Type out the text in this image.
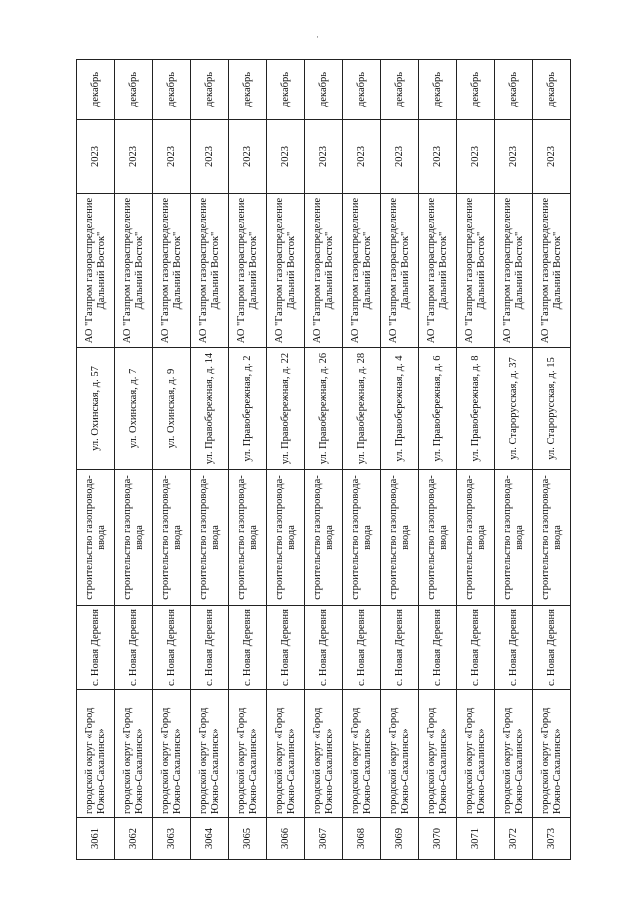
·
3061	городской округ «Город Южно-Сахалинск»	с. Новая Деревня	строительство газопровода-ввода	ул. Охинская, д. 57	АО "Газпром газораспределение Дальний Восток"	2023	декабрь
3062	городской округ «Город Южно-Сахалинск»	с. Новая Деревня	строительство газопровода-ввода	ул. Охинская, д. 7	АО "Газпром газораспределение Дальний Восток"	2023	декабрь
3063	городской округ «Город Южно-Сахалинск»	с. Новая Деревня	строительство газопровода-ввода	ул. Охинская, д. 9	АО "Газпром газораспределение Дальний Восток"	2023	декабрь
3064	городской округ «Город Южно-Сахалинск»	с. Новая Деревня	строительство газопровода-ввода	ул. Правобережная, д. 14	АО "Газпром газораспределение Дальний Восток"	2023	декабрь
3065	городской округ «Город Южно-Сахалинск»	с. Новая Деревня	строительство газопровода-ввода	ул. Правобережная, д. 2	АО "Газпром газораспределение Дальний Восток"	2023	декабрь
3066	городской округ «Город Южно-Сахалинск»	с. Новая Деревня	строительство газопровода-ввода	ул. Правобережная, д. 22	АО "Газпром газораспределение Дальний Восток"	2023	декабрь
3067	городской округ «Город Южно-Сахалинск»	с. Новая Деревня	строительство газопровода-ввода	ул. Правобережная, д. 26	АО "Газпром газораспределение Дальний Восток"	2023	декабрь
3068	городской округ «Город Южно-Сахалинск»	с. Новая Деревня	строительство газопровода-ввода	ул. Правобережная, д. 28	АО "Газпром газораспределение Дальний Восток"	2023	декабрь
3069	городской округ «Город Южно-Сахалинск»	с. Новая Деревня	строительство газопровода-ввода	ул. Правобережная, д. 4	АО "Газпром газораспределение Дальний Восток"	2023	декабрь
3070	городской округ «Город Южно-Сахалинск»	с. Новая Деревня	строительство газопровода-ввода	ул. Правобережная, д. 6	АО "Газпром газораспределение Дальний Восток"	2023	декабрь
3071	городской округ «Город Южно-Сахалинск»	с. Новая Деревня	строительство газопровода-ввода	ул. Правобережная, д. 8	АО "Газпром газораспределение Дальний Восток"	2023	декабрь
3072	городской округ «Город Южно-Сахалинск»	с. Новая Деревня	строительство газопровода-ввода	ул. Старорусская, д. 37	АО "Газпром газораспределение Дальний Восток"	2023	декабрь
3073	городской округ «Город Южно-Сахалинск»	с. Новая Деревня	строительство газопровода-ввода	ул. Старорусская, д. 15	АО "Газпром газораспределение Дальний Восток"	2023	декабрь
